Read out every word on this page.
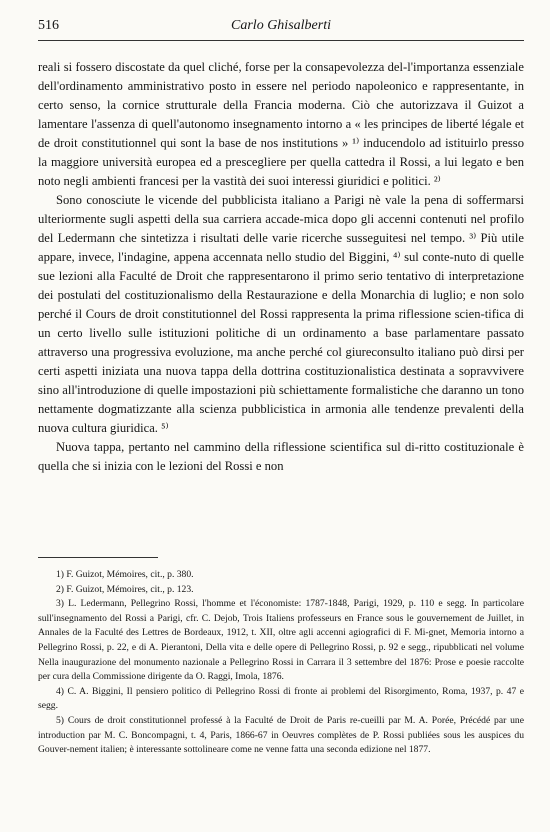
516	Carlo Ghisalberti

reali si fossero discostate da quel cliché, forse per la consapevolezza del-l'importanza essenziale dell'ordinamento amministrativo posto in essere nel periodo napoleonico e rappresentante, in certo senso, la cornice strutturale della Francia moderna. Ciò che autorizzava il Guizot a lamentare l'assenza di quell'autonomo insegnamento intorno a « les principes de liberté légale et de droit constitutionnel qui sont la base de nos institutions » ¹⁾ inducendolo ad istituirlo presso la maggiore università europea ed a prescegliere per quella cattedra il Rossi, a lui legato e ben noto negli ambienti francesi per la vastità dei suoi interessi giuridici e politici. ²⁾

Sono conosciute le vicende del pubblicista italiano a Parigi nè vale la pena di soffermarsi ulteriormente sugli aspetti della sua carriera accade-mica dopo gli accenni contenuti nel profilo del Ledermann che sintetizza i risultati delle varie ricerche susseguitesi nel tempo. ³⁾ Più utile appare, invece, l'indagine, appena accennata nello studio del Biggini, ⁴⁾ sul conte-nuto di quelle sue lezioni alla Faculté de Droit che rappresentarono il primo serio tentativo di interpretazione dei postulati del costituzionalismo della Restaurazione e della Monarchia di luglio; e non solo perché il Cours de droit constitutionnel del Rossi rappresenta la prima riflessione scien-tifica di un certo livello sulle istituzioni politiche di un ordinamento a base parlamentare passato attraverso una progressiva evoluzione, ma anche perché col giureconsulto italiano può dirsi per certi aspetti iniziata una nuova tappa della dottrina costituzionalistica destinata a sopravvivere sino all'introduzione di quelle impostazioni più schiettamente formalistiche che daranno un tono nettamente dogmatizzante alla scienza pubblicistica in armonia alle tendenze prevalenti della nuova cultura giuridica. ⁵⁾

Nuova tappa, pertanto nel cammino della riflessione scientifica sul di-ritto costituzionale è quella che si inizia con le lezioni del Rossi e non

1) F. Guizot, Mémoires, cit., p. 380.

2) F. Guizot, Mémoires, cit., p. 123.

3) L. Ledermann, Pellegrino Rossi, l'homme et l'économiste: 1787-1848, Parigi, 1929, p. 110 e segg. In particolare sull'insegnamento del Rossi a Parigi, cfr. C. Dejob, Trois Italiens professeurs en France sous le gouvernement de Juillet, in Annales de la Faculté des Lettres de Bordeaux, 1912, t. XII, oltre agli accenni agiografici di F. Mi-gnet, Memoria intorno a Pellegrino Rossi, p. 22, e di A. Pierantoni, Della vita e delle opere di Pellegrino Rossi, p. 92 e segg., ripubblicati nel volume Nella inaugurazione del monumento nazionale a Pellegrino Rossi in Carrara il 3 settembre del 1876: Prose e poesie raccolte per cura della Commissione dirigente da O. Raggi, Imola, 1876.

4) C. A. Biggini, Il pensiero politico di Pellegrino Rossi di fronte ai problemi del Risorgimento, Roma, 1937, p. 47 e segg.

5) Cours de droit constitutionnel professé à la Faculté de Droit de Paris re-cueilli par M. A. Porée, Précédé par une introduction par M. C. Boncompagni, t. 4, Paris, 1866-67 in Oeuvres complètes de P. Rossi publiées sous les auspices du Gouver-nement italien; è interessante sottolineare come ne venne fatta una seconda edizione nel 1877.
